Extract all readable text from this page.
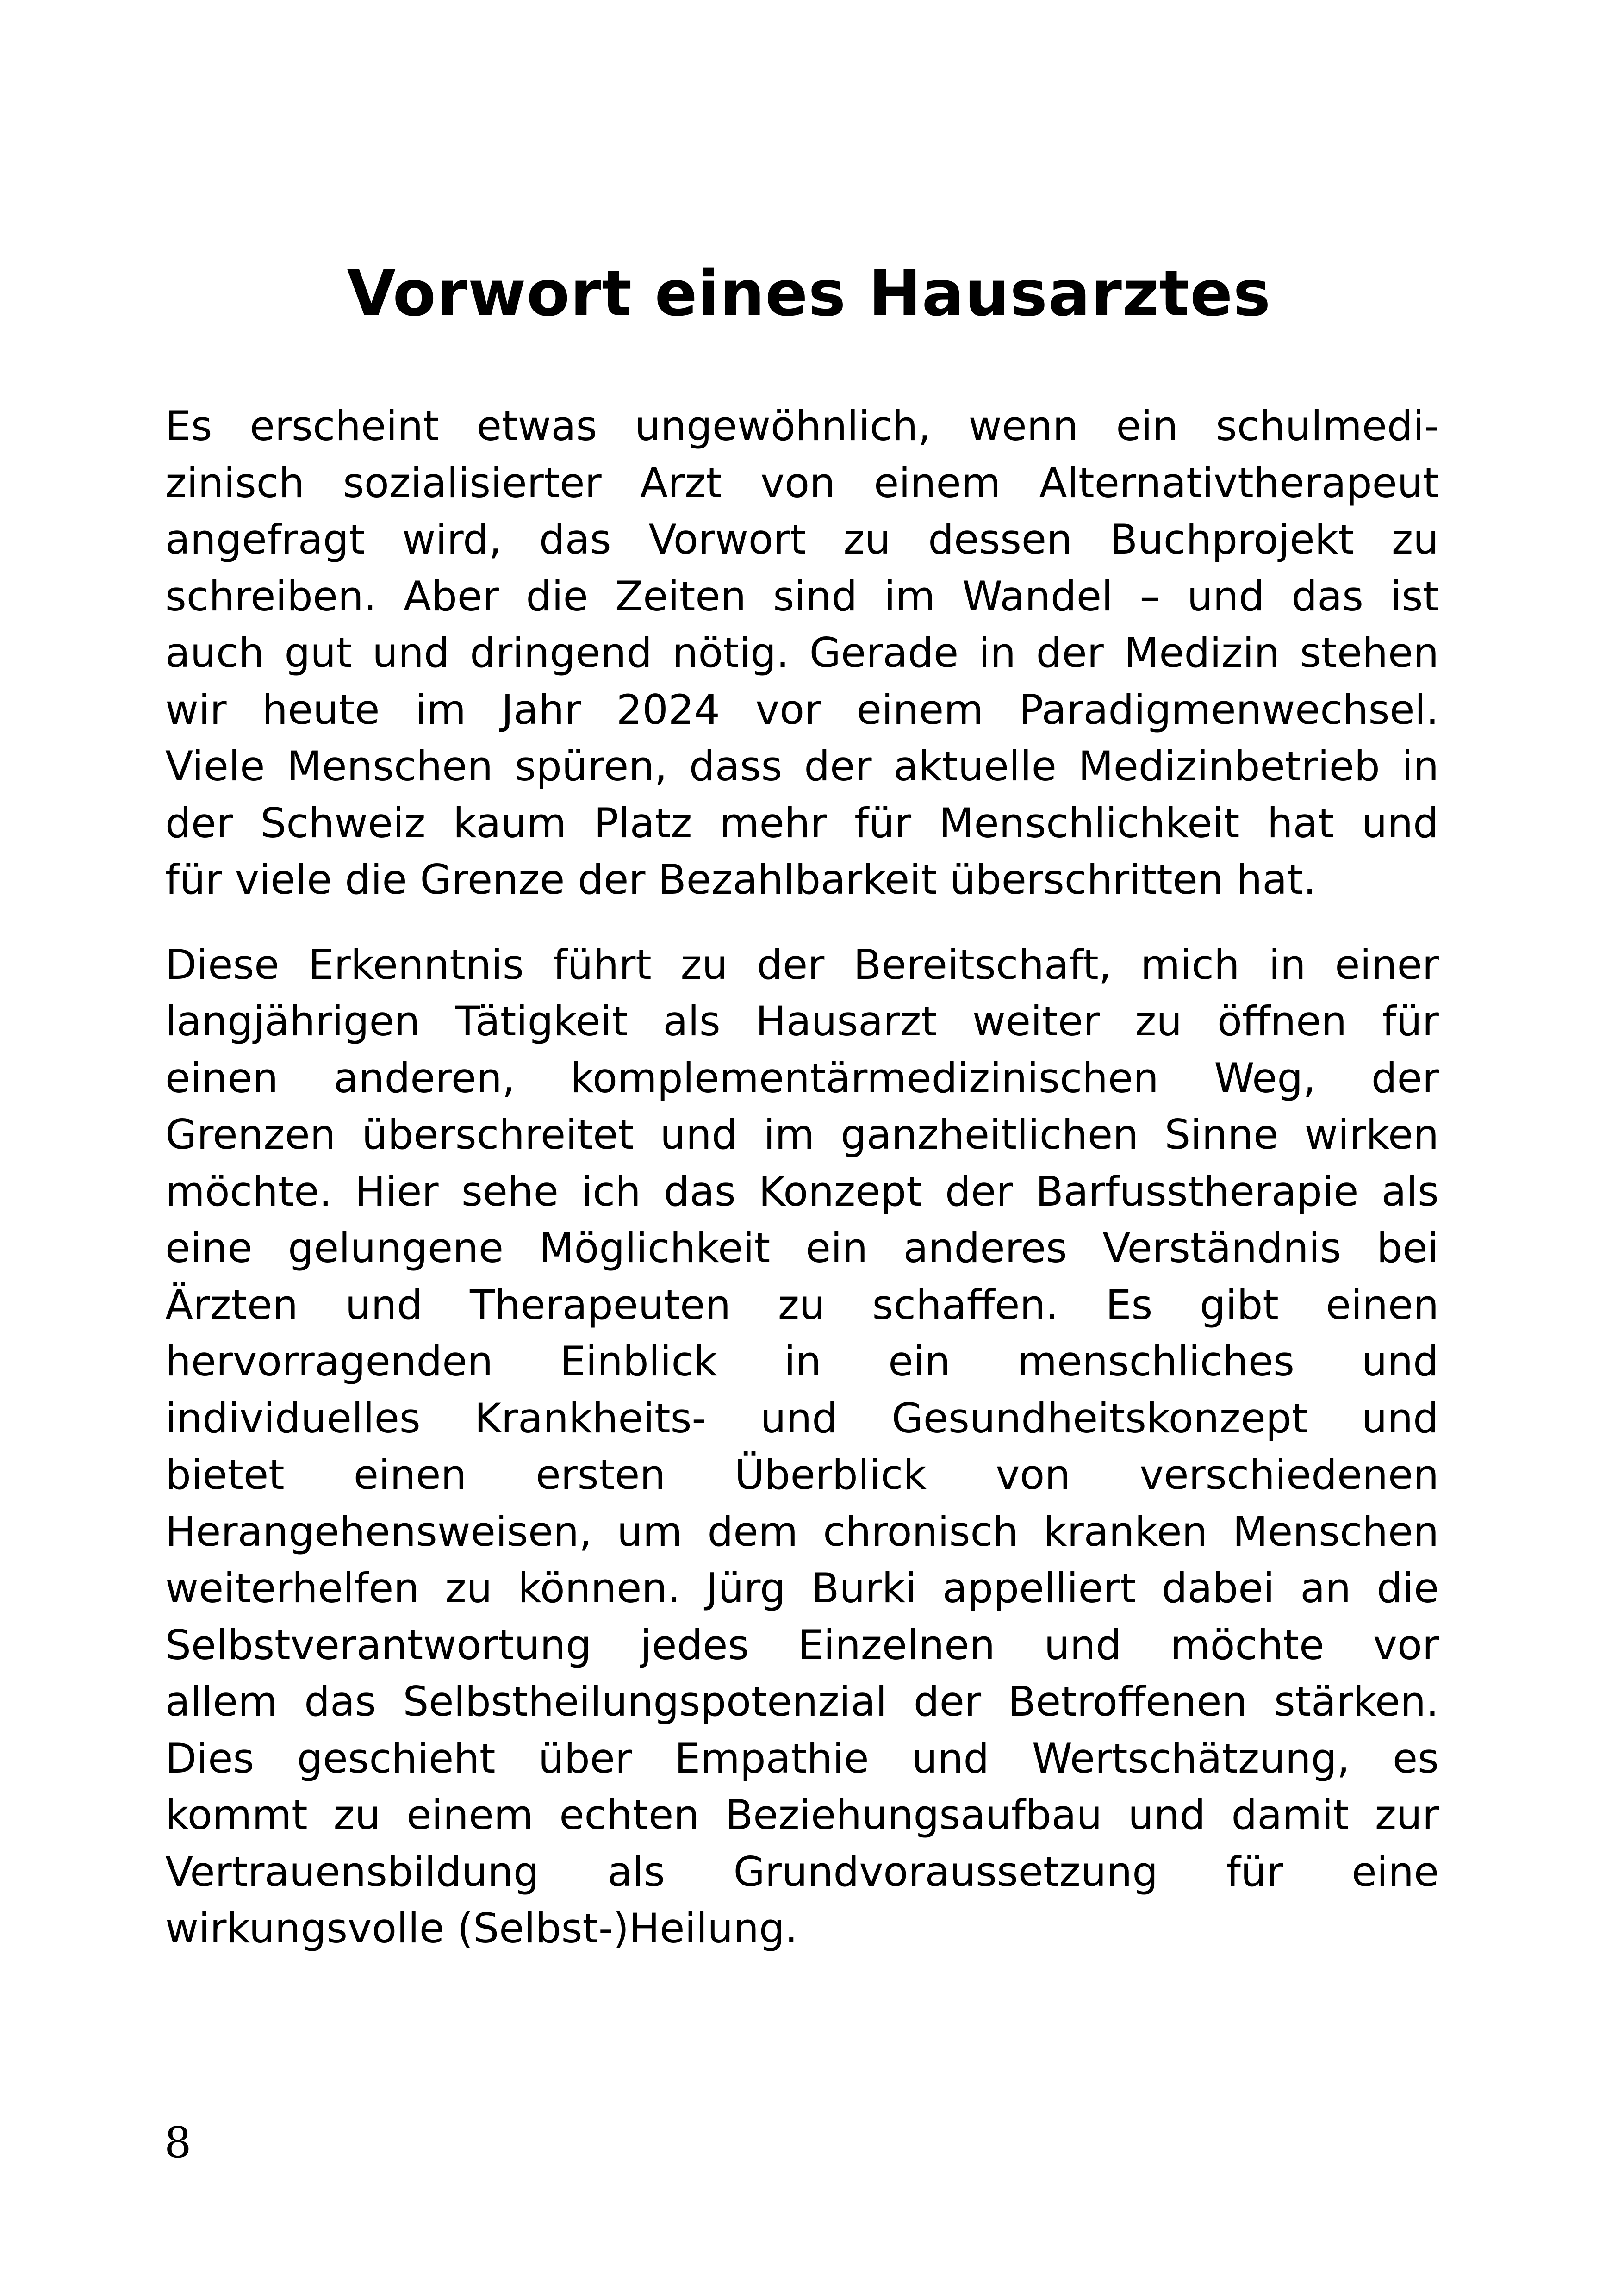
Vorwort eines Hausarztes

Es erscheint etwas ungewöhnlich, wenn ein schulmedi-
zinisch sozialisierter Arzt von einem Alternativtherapeut
angefragt wird, das Vorwort zu dessen Buchprojekt zu
schreiben. Aber die Zeiten sind im Wandel – und das ist
auch gut und dringend nötig. Gerade in der Medizin stehen
wir heute im Jahr 2024 vor einem Paradigmenwechsel.
Viele Menschen spüren, dass der aktuelle Medizinbetrieb in
der Schweiz kaum Platz mehr für Menschlichkeit hat und
für viele die Grenze der Bezahlbarkeit überschritten hat.

Diese Erkenntnis führt zu der Bereitschaft, mich in einer
langjährigen Tätigkeit als Hausarzt weiter zu öffnen für
einen anderen, komplementärmedizinischen Weg, der
Grenzen überschreitet und im ganzheitlichen Sinne wirken
möchte. Hier sehe ich das Konzept der Barfusstherapie als
eine gelungene Möglichkeit ein anderes Verständnis bei
Ärzten und Therapeuten zu schaffen. Es gibt einen
hervorragenden Einblick in ein menschliches und
individuelles Krankheits- und Gesundheitskonzept und
bietet einen ersten Überblick von verschiedenen
Herangehensweisen, um dem chronisch kranken Menschen
weiterhelfen zu können. Jürg Burki appelliert dabei an die
Selbstverantwortung jedes Einzelnen und möchte vor
allem das Selbstheilungspotenzial der Betroffenen stärken.
Dies geschieht über Empathie und Wertschätzung, es
kommt zu einem echten Beziehungsaufbau und damit zur
Vertrauensbildung als Grundvoraussetzung für eine
wirkungsvolle (Selbst-)Heilung.

8
